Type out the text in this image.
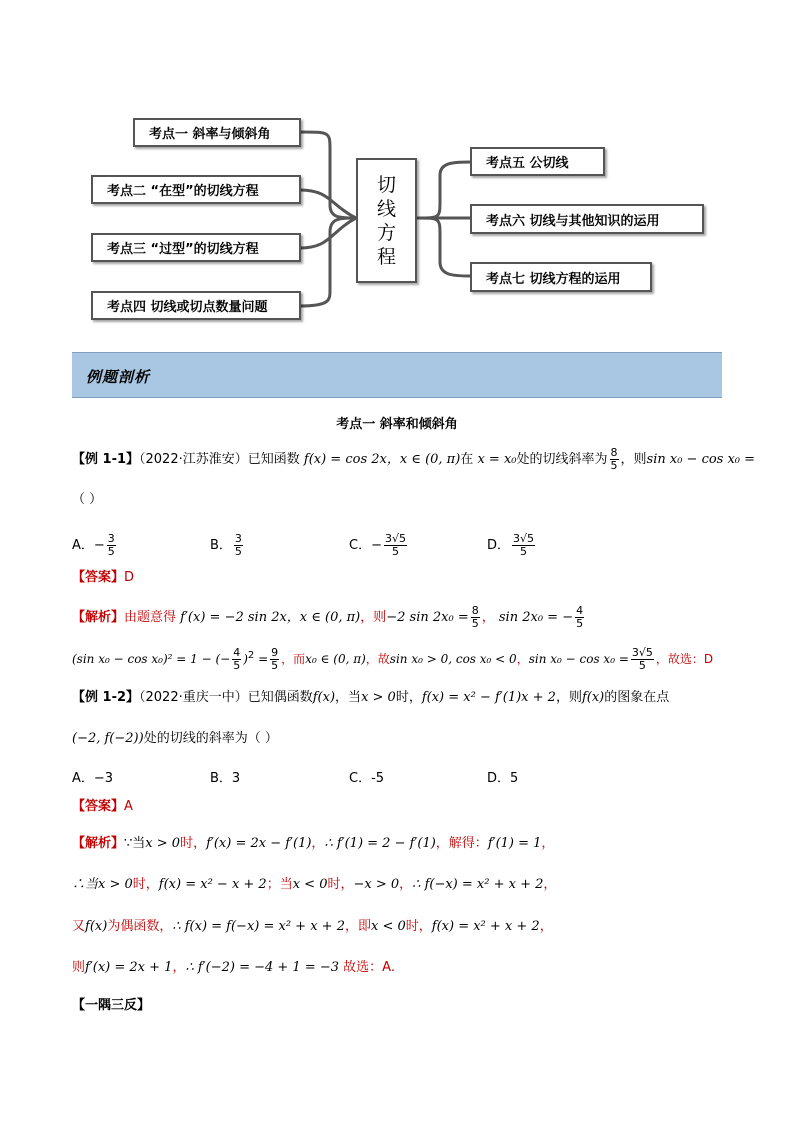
考点一 斜率与倾斜角
考点二 “在型”的切线方程
考点三 “过型”的切线方程
考点四 切线或切点数量问题
切
线
方
程
考点五 公切线
考点六 切线与其他知识的运用
考点七 切线方程的运用
例题剖析
考点一 斜率和倾斜角
【例 1-1】（2022·江苏淮安）已知函数 f(x) = cos 2x，x ∈ (0, π)在 x = x₀处的切线斜率为 $\frac{8}{5}$ ，则sin x₀ − cos x₀ =
（ ）
A．− $\frac{3}{5}$	B． $\frac{3}{5}$	C．− $\frac{3√5}{5}$	D． $\frac{3√5}{5}$
【答案】D
【解析】由题意得 f′(x) = −2 sin 2x，x ∈ (0, π)，则−2 $\sin 2x_0 = \frac{8}{5}$ ， sin 2x₀ = − $\frac{4}{5}$
(sin x₀ − cos x₀)² = 1 − (− $\frac{4}{5} )^2 = \frac{9}{5}$ ，而x₀ ∈ (0, π)，故sin x₀ > 0, cos x₀ < 0，$\sin x_0 - \cos x_0 = \frac{3√5}{5}$ ，故选：D
【例 1-2】（2022·重庆一中）已知偶函数f(x)，当x > 0时，f(x) = x² − f′(1)x + 2，则f(x)的图象在点
(−2, f(−2))处的切线的斜率为（ ）
A．−3	B．3	C．-5	D．5
【答案】A
【解析】∵当x > 0时，f′(x) = 2x − f′(1)，∴ f′(1) = 2 − f′(1)，解得：f′(1) = 1，
∴当x > 0时，f(x) = x² − x + 2；当x < 0时，−x > 0，∴ f(−x) = x² + x + 2，
又f(x)为偶函数，∴ f(x) = f(−x) = x² + x + 2，即x < 0时，f(x) = x² + x + 2，
则f′(x) = 2x + 1，∴ f′(−2) = −4 + 1 = −3 故选：A.
【一隅三反】
